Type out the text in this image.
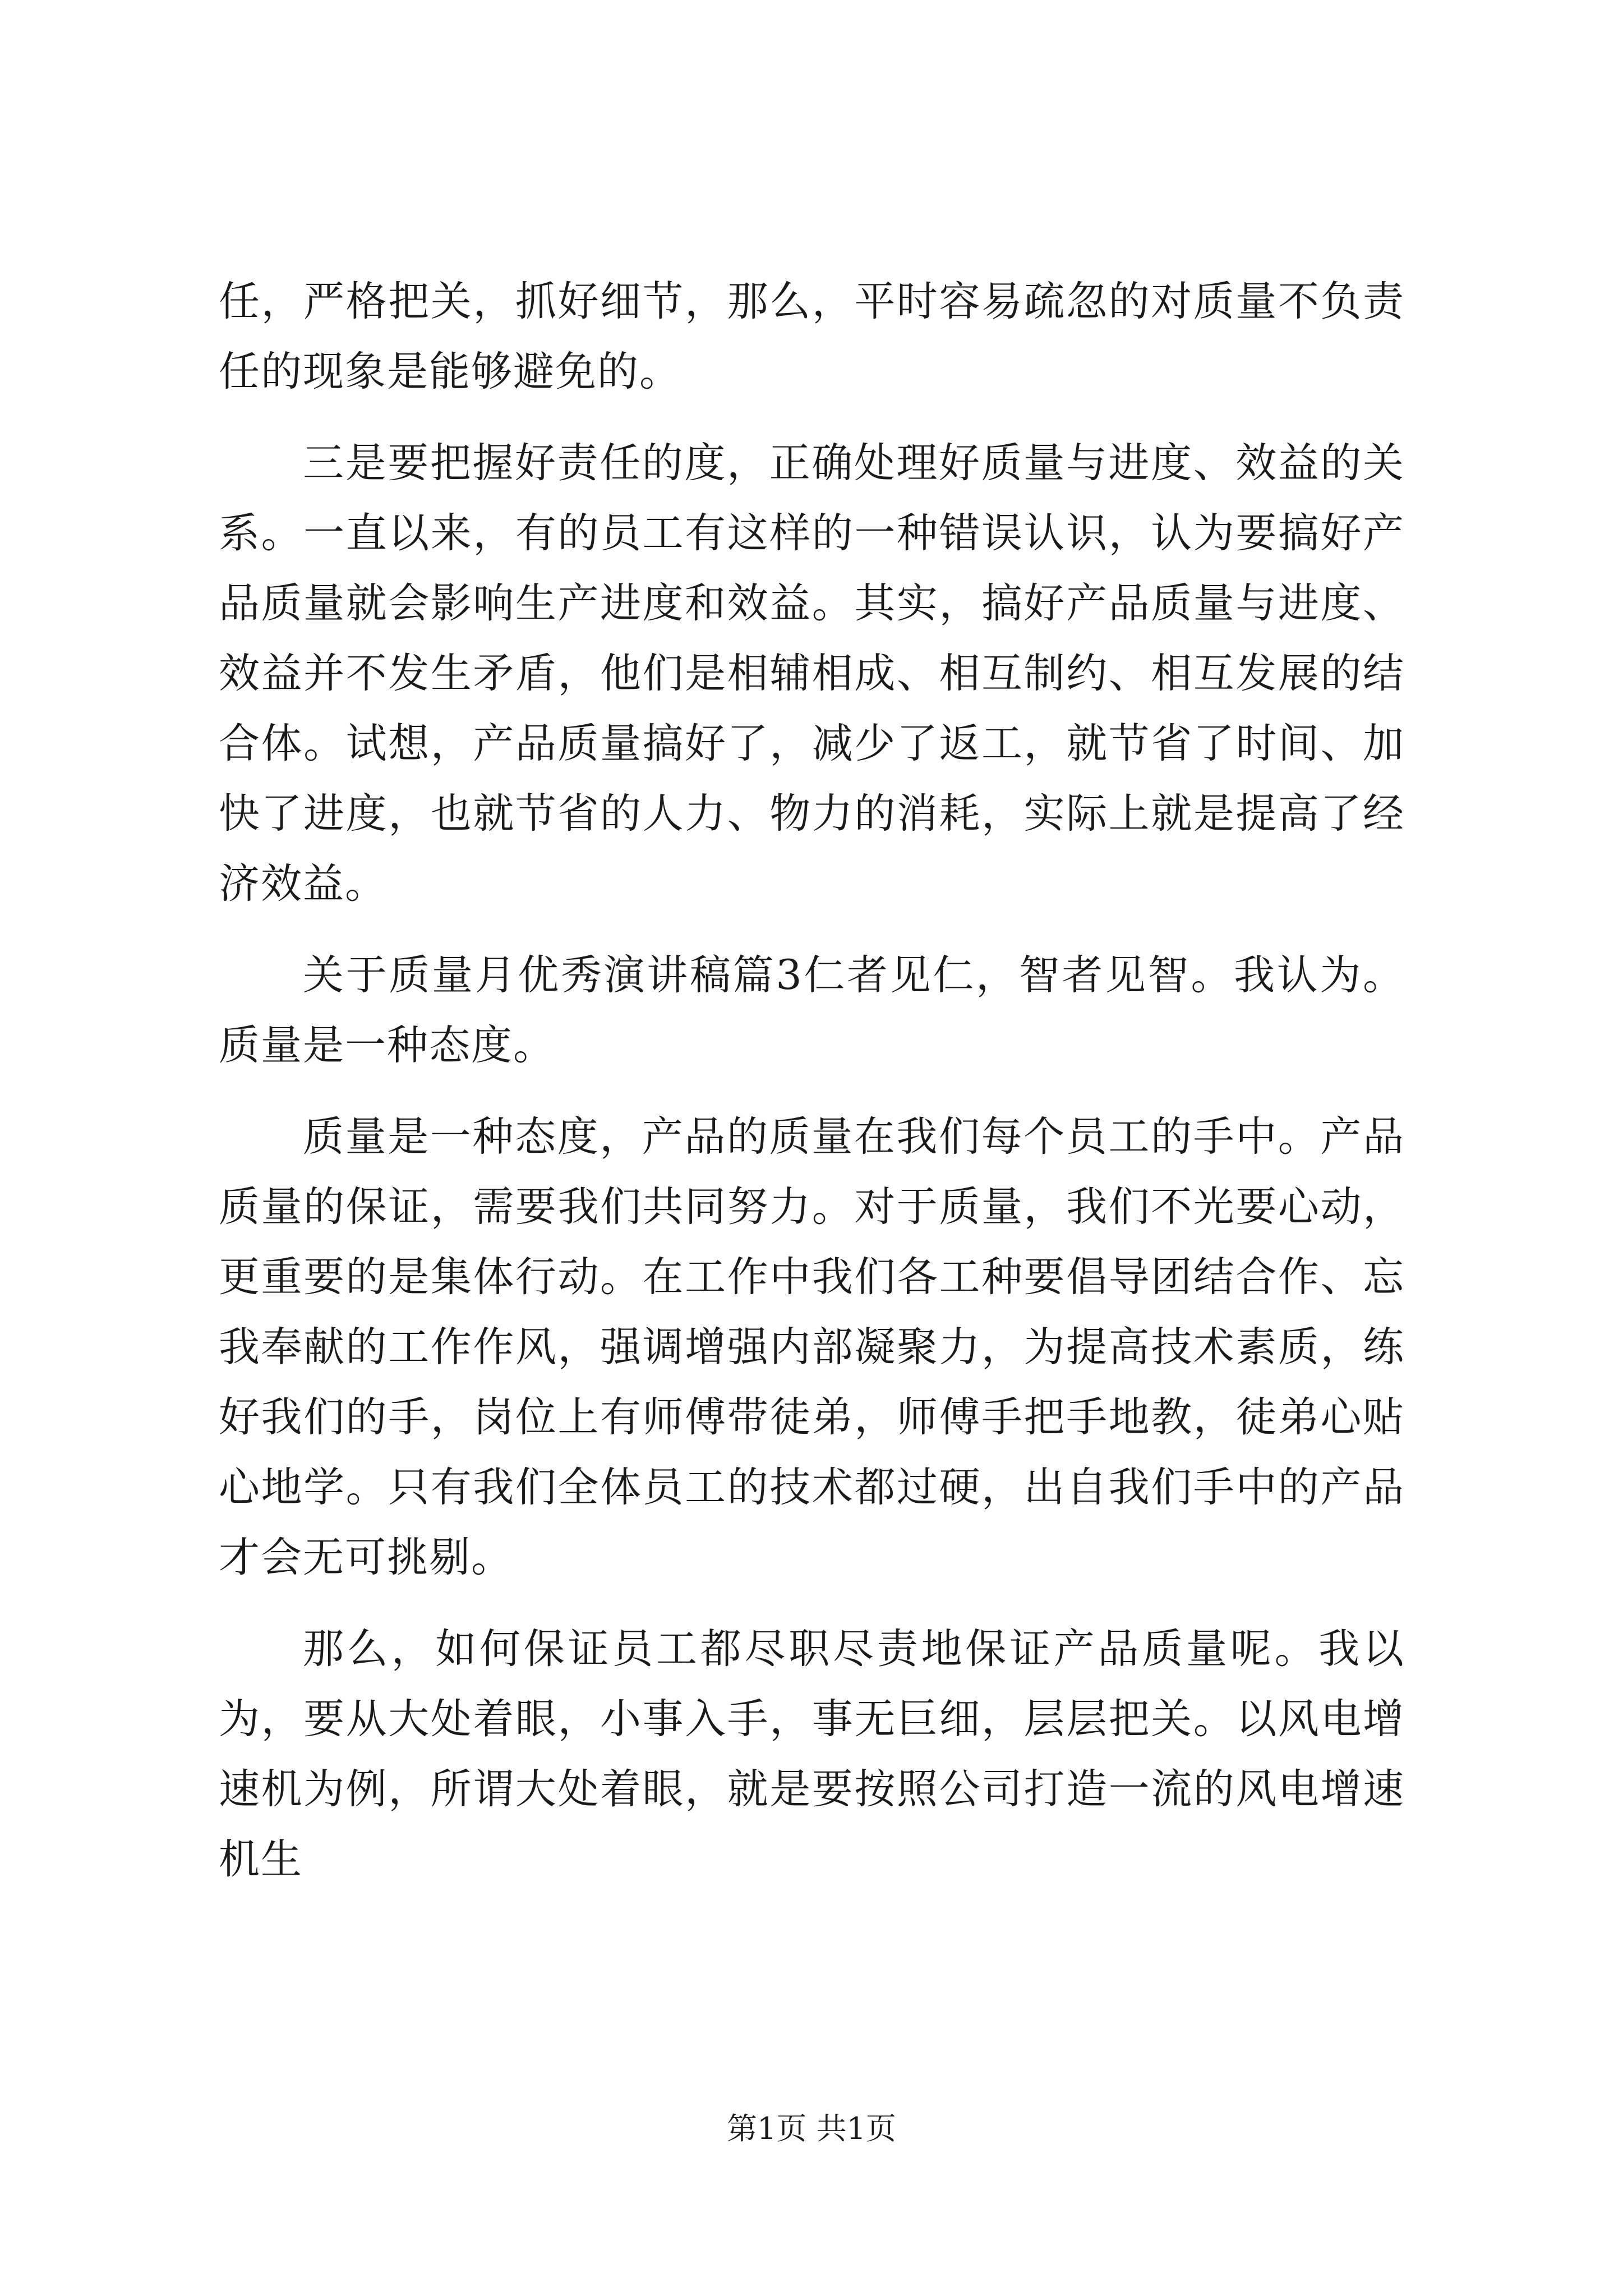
任，严格把关，抓好细节，那么，平时容易疏忽的对质量不负责任的现象是能够避免的。

三是要把握好责任的度，正确处理好质量与进度、效益的关系。一直以来，有的员工有这样的一种错误认识，认为要搞好产品质量就会影响生产进度和效益。其实，搞好产品质量与进度、效益并不发生矛盾，他们是相辅相成、相互制约、相互发展的结合体。试想，产品质量搞好了，减少了返工，就节省了时间、加快了进度，也就节省的人力、物力的消耗，实际上就是提高了经济效益。

关于质量月优秀演讲稿篇3仁者见仁，智者见智。我认为。质量是一种态度。

质量是一种态度，产品的质量在我们每个员工的手中。产品质量的保证，需要我们共同努力。对于质量，我们不光要心动，更重要的是集体行动。在工作中我们各工种要倡导团结合作、忘我奉献的工作作风，强调增强内部凝聚力，为提高技术素质，练好我们的手，岗位上有师傅带徒弟，师傅手把手地教，徒弟心贴心地学。只有我们全体员工的技术都过硬，出自我们手中的产品才会无可挑剔。

那么，如何保证员工都尽职尽责地保证产品质量呢。我以为，要从大处着眼，小事入手，事无巨细，层层把关。以风电增速机为例，所谓大处着眼，就是要按照公司打造一流的风电增速机生

第1页 共1页
